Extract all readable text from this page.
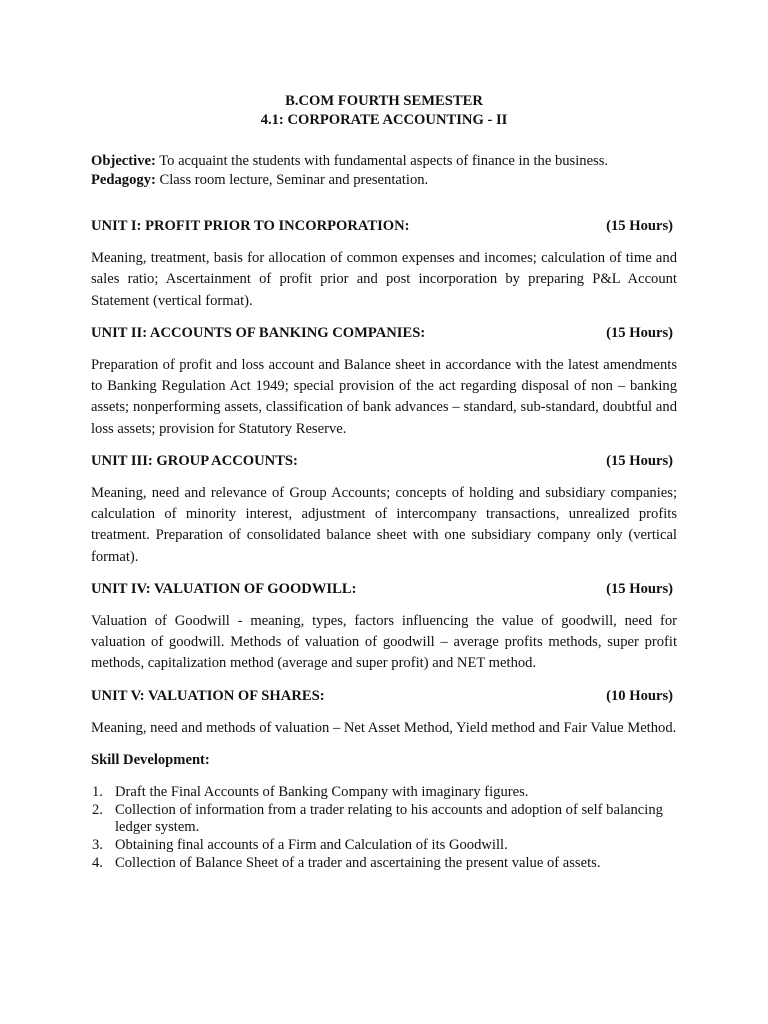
B.COM FOURTH SEMESTER
4.1: CORPORATE ACCOUNTING - II
Objective: To acquaint the students with fundamental aspects of finance in the business.
Pedagogy: Class room lecture, Seminar and presentation.
UNIT I: PROFIT PRIOR TO INCORPORATION:	(15 Hours)
Meaning, treatment, basis for allocation of common expenses and incomes; calculation of time and sales ratio; Ascertainment of profit prior and post incorporation by preparing P&L Account Statement (vertical format).
UNIT II: ACCOUNTS OF BANKING COMPANIES:	(15 Hours)
Preparation of profit and loss account and Balance sheet in accordance with the latest amendments to Banking Regulation Act 1949; special provision of the act regarding disposal of non – banking assets; nonperforming assets, classification of bank advances – standard, sub-standard, doubtful and loss assets; provision for Statutory Reserve.
UNIT III: GROUP ACCOUNTS:	(15 Hours)
Meaning, need and relevance of Group Accounts; concepts of holding and subsidiary companies; calculation of minority interest, adjustment of intercompany transactions, unrealized profits treatment. Preparation of consolidated balance sheet with one subsidiary company only (vertical format).
UNIT IV: VALUATION OF GOODWILL:	(15 Hours)
Valuation of Goodwill - meaning, types, factors influencing the value of goodwill, need for valuation of goodwill. Methods of valuation of goodwill – average profits methods, super profit methods, capitalization method (average and super profit) and NET method.
UNIT V: VALUATION OF SHARES:	(10 Hours)
Meaning, need and methods of valuation – Net Asset Method, Yield method and Fair Value Method.
Skill Development:
1. Draft the Final Accounts of Banking Company with imaginary figures.
2. Collection of information from a trader relating to his accounts and adoption of self balancing ledger system.
3. Obtaining final accounts of a Firm and Calculation of its Goodwill.
4. Collection of Balance Sheet of a trader and ascertaining the present value of assets.
